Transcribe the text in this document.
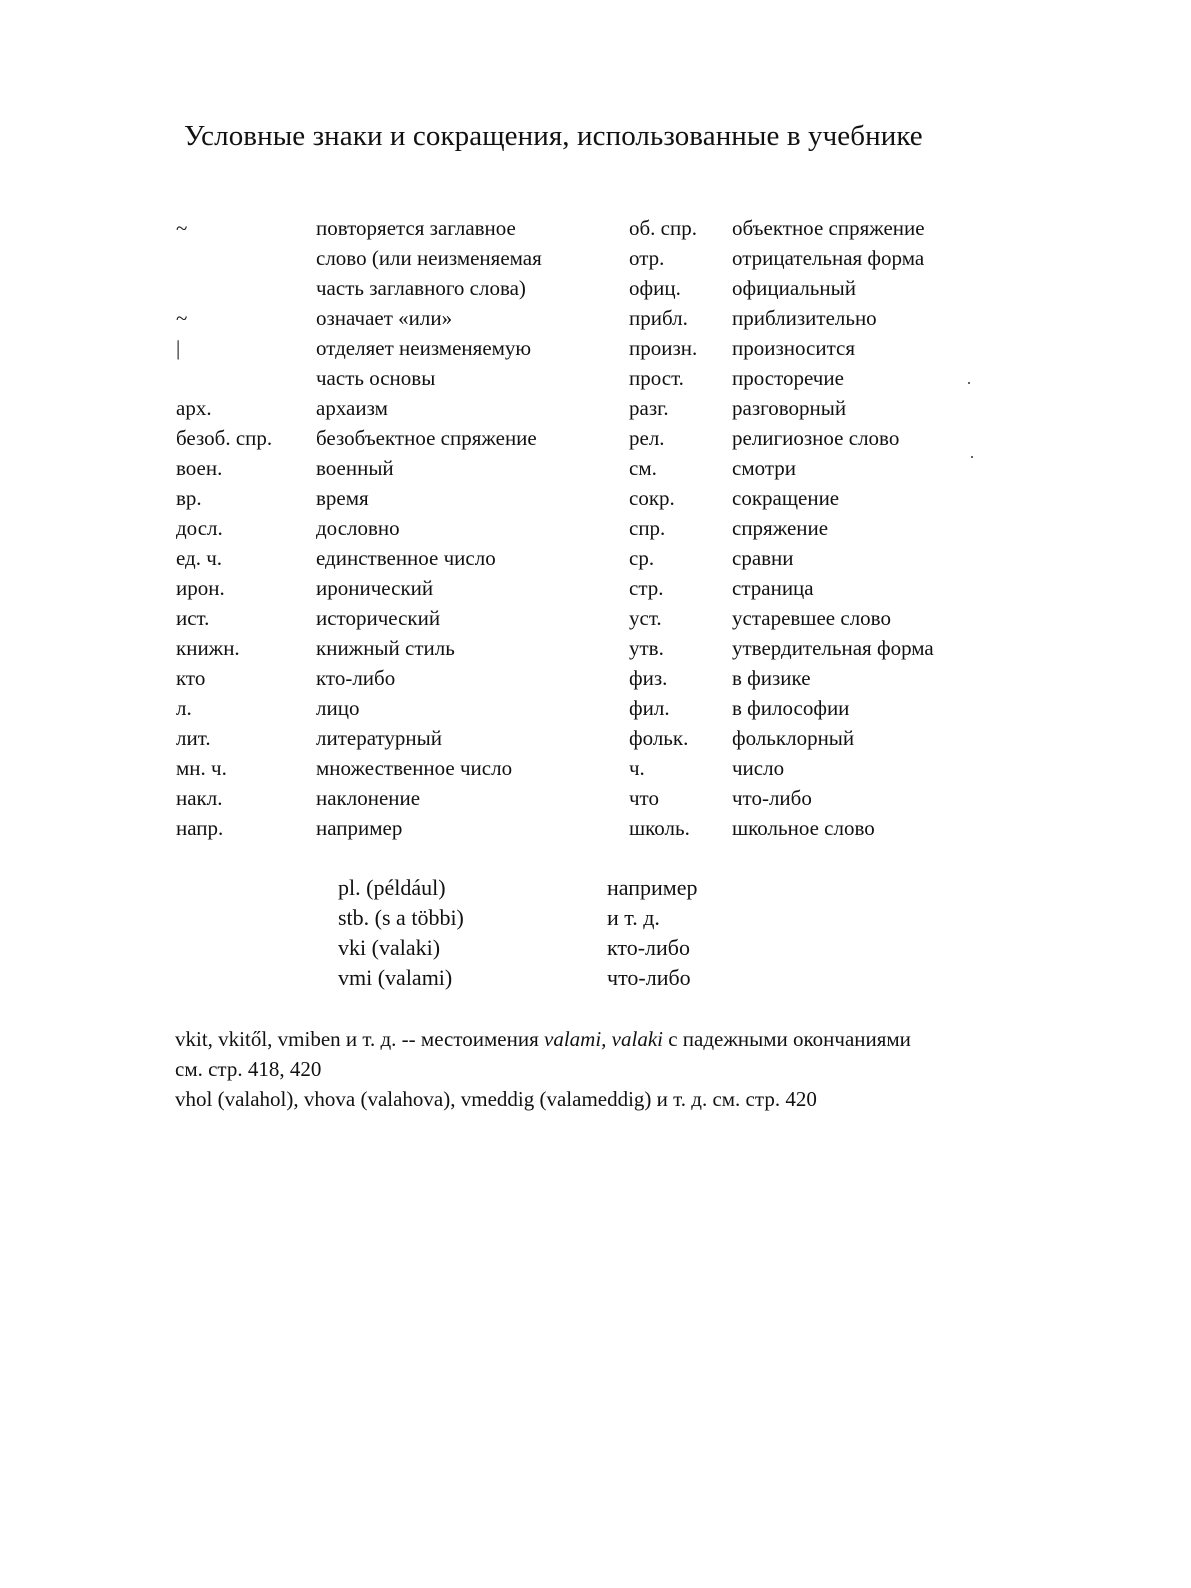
Условные знаки и сокращения, использованные в учебнике
~
~
|
арх.
безоб. спр.
воен.
вр.
досл.
ед. ч.
ирон.
ист.
книжн.
кто
л.
лит.
мн. ч.
накл.
напр.
повторяется заглавное
слово (или неизменяемая
часть заглавного слова)
означает «или»
отделяет неизменяемую
часть основы
архаизм
безобъектное спряжение
военный
время
дословно
единственное число
иронический
исторический
книжный стиль
кто-либо
лицо
литературный
множественное число
наклонение
например
об. спр.
отр.
офиц.
прибл.
произн.
прост.
разг.
рел.
см.
сокр.
спр.
ср.
стр.
уст.
утв.
физ.
фил.
фольк.
ч.
что
школь.
объектное спряжение
отрицательная форма
официальный
приблизительно
произносится
просторечие
разговорный
религиозное слово
смотри
сокращение
спряжение
сравни
страница
устаревшее слово
утвердительная форма
в физике
в философии
фольклорный
число
что-либо
школьное слово
pl. (például)
stb. (s a többi)
vki (valaki)
vmi (valami)
например
и т. д.
кто-либо
что-либо
vkit, vkitől, vmiben и т. д. -- местоимения valami, valaki с падежными окончаниями
см. стр. 418, 420
vhol (valahol), vhova (valahova), vmeddig (valameddig) и т. д. см. стр. 420
